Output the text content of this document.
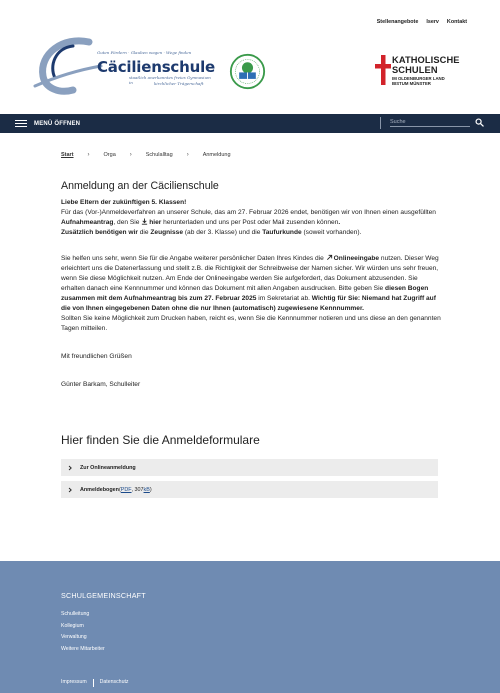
Stellenangebote Iserv Kontakt
Guten Fördern · Glauben wagen · Wege finden
Cäcilienschule
staatlich anerkanntes freies Gymnasium in	kirchlicher Trägerschaft
KATHOLISCHE
SCHULEN
IM OLDENBURGER LAND
BISTUM MÜNSTER
MENÜ ÖFFNEN
Suche
Start ›	Orga ›	Schulalltag ›	Anmeldung
Anmeldung an der Cäcilienschule

Liebe Eltern der zukünftigen 5. Klassen!
Für das (Vor-)Anmeldeverfahren an unserer Schule, das am 27. Februar 2026 endet, benötigen wir von Ihnen einen ausgefüllten Aufnahmeantrag, den Sie hier herunterladen und uns per Post oder Mail zusenden können.
Zusätzlich benötigen wir die Zeugnisse (ab der 3. Klasse) und die Taufurkunde (soweit vorhanden).

Sie helfen uns sehr, wenn Sie für die Angabe weiterer persönlicher Daten Ihres Kindes die Onlineeingabe nutzen. Dieser Weg erleichtert uns die Datenerfassung und stellt z.B. die Richtigkeit der Schreibweise der Namen sicher. Wir würden uns sehr freuen, wenn Sie diese Möglichkeit nutzen. Am Ende der Onlineeingabe werden Sie aufgefordert, das Dokument abzusenden. Sie erhalten danach eine Kennnummer und können das Dokument mit allen Angaben ausdrucken. Bitte geben Sie diesen Bogen zusammen mit dem Aufnahmeantrag bis zum 27. Februar 2025 im Sekretariat ab. Wichtig für Sie: Niemand hat Zugriff auf die von Ihnen eingegebenen Daten ohne die nur Ihnen (automatisch) zugewiesene Kennnummer.
Sollten Sie keine Möglichkeit zum Drucken haben, reicht es, wenn Sie die Kennnummer notieren und uns diese an den genannten Tagen mitteilen.

Mit freundlichen Grüßen

Günter Barkam, Schulleiter

Hier finden Sie die Anmeldeformulare
Zur Onlineanmeldung
Anmeldebogen ( PDF , 307 kB )
SCHULGEMEINSCHAFT
Schulleitung
Kollegium
Verwaltung
Weitere Mitarbeiter
Impressum	Datenschutz
